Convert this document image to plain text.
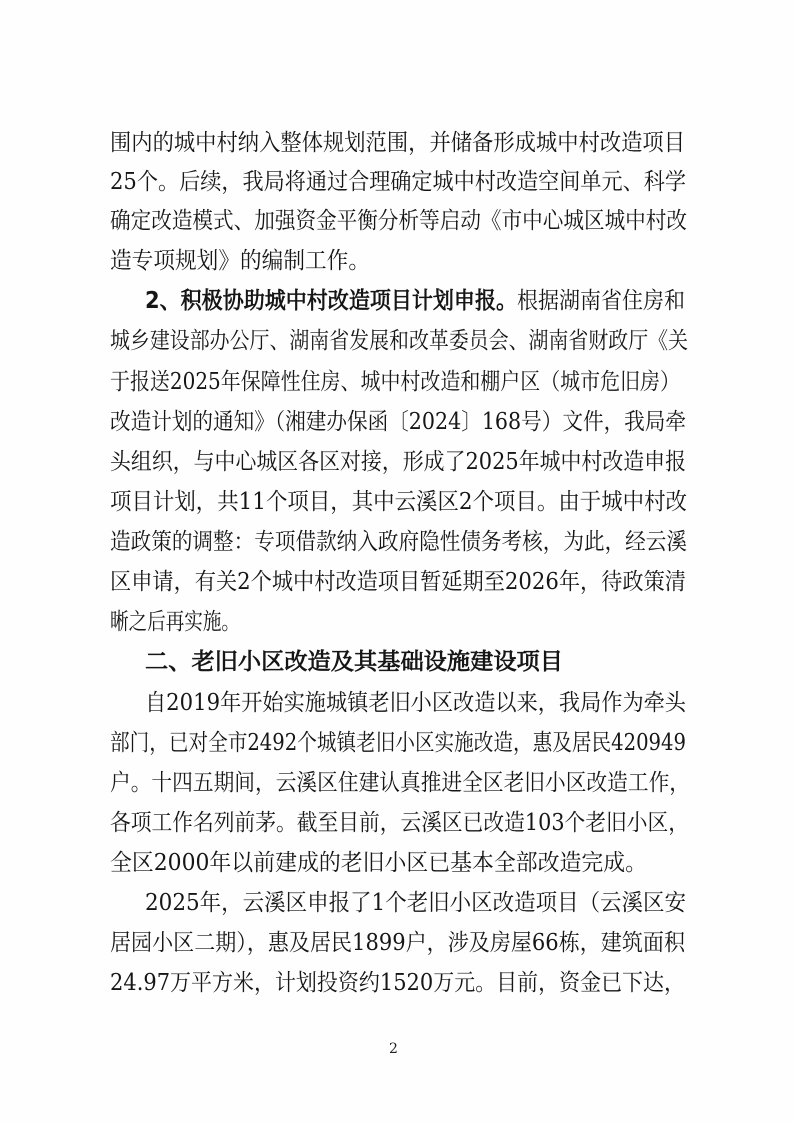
围内的城中村纳入整体规划范围，并储备形成城中村改造项目
25个。后续，我局将通过合理确定城中村改造空间单元、科学
确定改造模式、加强资金平衡分析等启动《市中心城区城中村改
造专项规划》的编制工作。
2、积极协助城中村改造项目计划申报。 根据湖南省住房和
城乡建设部办公厅、湖南省发展和改革委员会、湖南省财政厅《关
于报送2025年保障性住房、城中村改造和棚户区（城市危旧房）
改造计划的通知》（湘建办保函〔2024〕168号）文件，我局牵
头组织，与中心城区各区对接，形成了2025年城中村改造申报
项目计划，共11个项目，其中云溪区2个项目。由于城中村改
造政策的调整：专项借款纳入政府隐性债务考核，为此，经云溪
区申请，有关2个城中村改造项目暂延期至2026年，待政策清
晰之后再实施。
二、老旧小区改造及其基础设施建设项目
自2019年开始实施城镇老旧小区改造以来，我局作为牵头
部门，已对全市2492个城镇老旧小区实施改造，惠及居民420949
户。十四五期间，云溪区住建认真推进全区老旧小区改造工作，
各项工作名列前茅。截至目前，云溪区已改造103个老旧小区，
全区2000年以前建成的老旧小区已基本全部改造完成。
2025年，云溪区申报了1个老旧小区改造项目（云溪区安
居园小区二期），惠及居民1899户，涉及房屋66栋，建筑面积
24.97万平方米，计划投资约1520万元。目前，资金已下达，
2
